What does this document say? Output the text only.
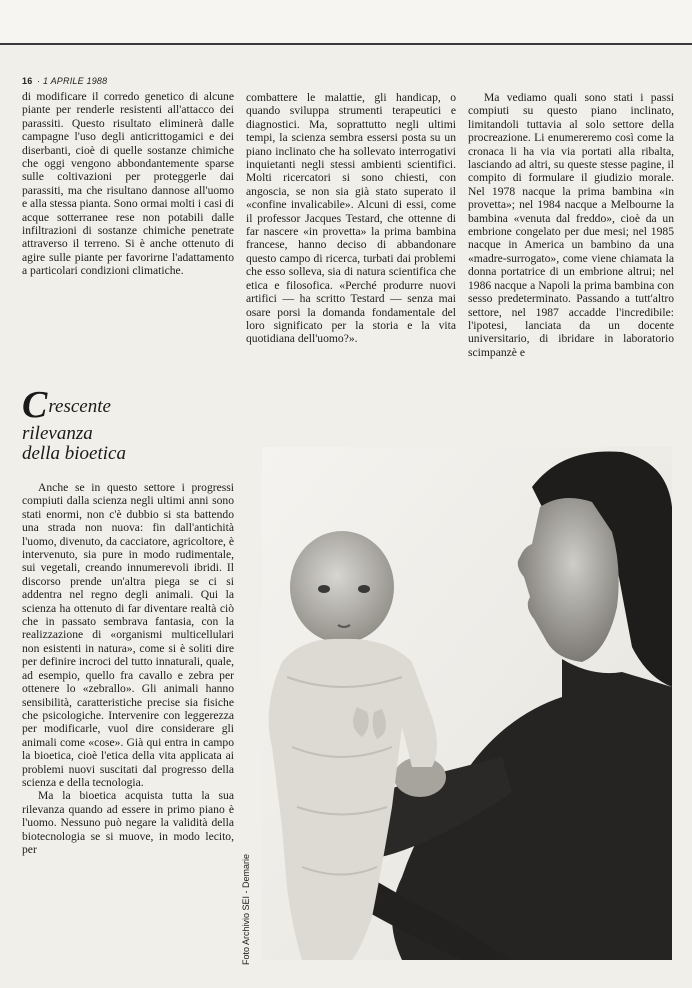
16 · 1 APRILE 1988

di modificare il corredo genetico di alcune piante per renderle resistenti all'attacco dei parassiti. Questo risultato eliminerà dalle campagne l'uso degli anticrittogamici e dei diserbanti, cioè di quelle sostanze chimiche che oggi vengono abbondantemente sparse sulle coltivazioni per proteggerle dai parassiti, ma che risultano dannose all'uomo e alla stessa pianta. Sono ormai molti i casi di acque sotterranee rese non potabili dalle infiltrazioni di sostanze chimiche penetrate attraverso il terreno. Si è anche ottenuto di agire sulle piante per favorirne l'adattamento a particolari condizioni climatiche.

combattere le malattie, gli handicap, o quando sviluppa strumenti terapeutici e diagnostici. Ma, soprattutto negli ultimi tempi, la scienza sembra essersi posta su un piano inclinato che ha sollevato interrogativi inquietanti negli stessi ambienti scientifici. Molti ricercatori si sono chiesti, con angoscia, se non sia già stato superato il «confine invalicabile». Alcuni di essi, come il professor Jacques Testard, che ottenne di far nascere «in provetta» la prima bambina francese, hanno deciso di abbandonare questo campo di ricerca, turbati dai problemi che esso solleva, sia di natura scientifica che etica e filosofica. «Perché produrre nuovi artifici — ha scritto Testard — senza mai osare porsi la domanda fondamentale del loro significato per la storia e la vita quotidiana dell'uomo?».

Ma vediamo quali sono stati i passi compiuti su questo piano inclinato, limitandoli tuttavia al solo settore della procreazione. Li enumereremo così come la cronaca li ha via via portati alla ribalta, lasciando ad altri, su queste stesse pagine, il compito di formulare il giudizio morale. Nel 1978 nacque la prima bambina «in provetta»; nel 1984 nacque a Melbourne la bambina «venuta dal freddo», cioè da un embrione congelato per due mesi; nel 1985 nacque in America un bambino da una «madre-surrogato», come viene chiamata la donna portatrice di un embrione altrui; nel 1986 nacque a Napoli la prima bambina con sesso predeterminato. Passando a tutt'altro settore, nel 1987 accadde l'incredibile: l'ipotesi, lanciata da un docente universitario, di ibridare in laboratorio scimpanzè e

C rescente
rilevanza
della bioetica

Anche se in questo settore i progressi compiuti dalla scienza negli ultimi anni sono stati enormi, non c'è dubbio si sta battendo una strada non nuova: fin dall'antichità l'uomo, divenuto, da cacciatore, agricoltore, è intervenuto, sia pure in modo rudimentale, sui vegetali, creando innumerevoli ibridi. Il discorso prende un'altra piega se ci si addentra nel regno degli animali. Qui la scienza ha ottenuto di far diventare realtà ciò che in passato sembrava fantasia, con la realizzazione di «organismi multicellulari non esistenti in natura», come si è soliti dire per definire incroci del tutto innaturali, quale, ad esempio, quello fra cavallo e zebra per ottenere lo «zebrallo». Gli animali hanno sensibilità, caratteristiche precise sia fisiche che psicologiche. Intervenire con leggerezza per modificarle, vuol dire considerare gli animali come «cose». Già qui entra in campo la bioetica, cioè l'etica della vita applicata ai problemi nuovi suscitati dal progresso della scienza e della tecnologia.

Ma la bioetica acquista tutta la sua rilevanza quando ad essere in primo piano è l'uomo. Nessuno può negare la validità della biotecnologia se si muove, in modo lecito, per

Foto Archivio SEI - Demarie
